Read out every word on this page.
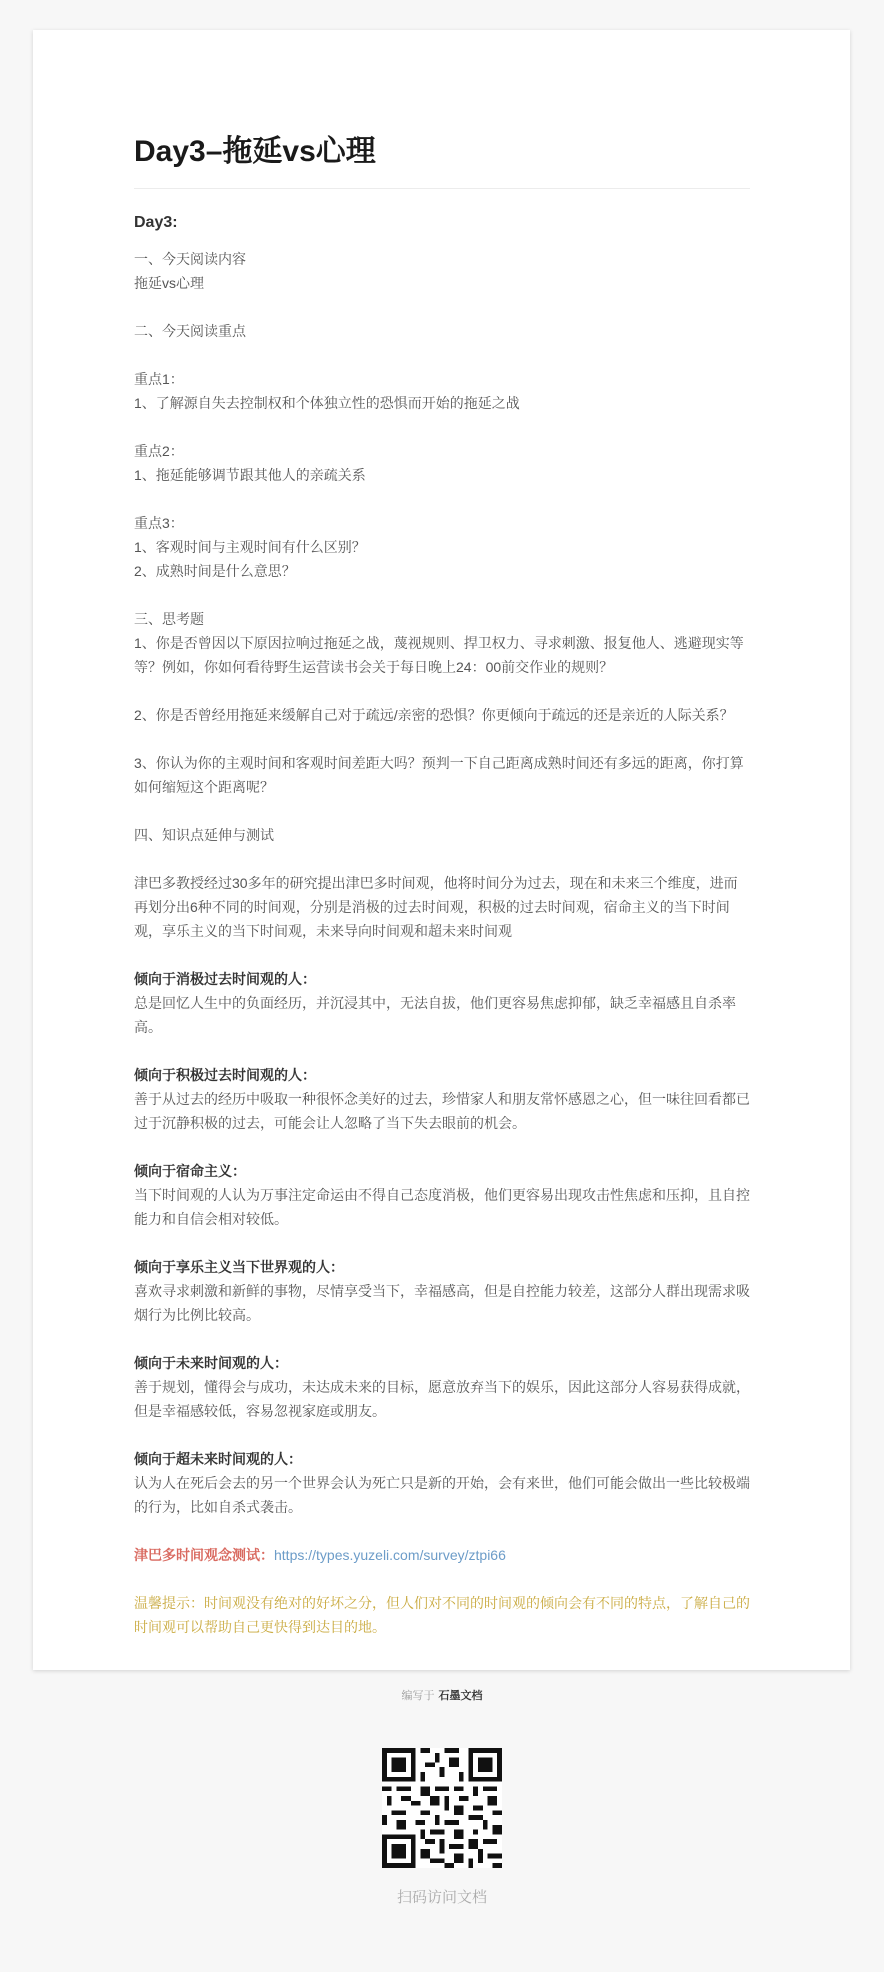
Day3–拖延vs心理
Day3:

一、今天阅读内容

拖延vs心理

二、今天阅读重点

重点1：

1、了解源自失去控制权和个体独立性的恐惧而开始的拖延之战

重点2：

1、拖延能够调节跟其他人的亲疏关系

重点3：

1、客观时间与主观时间有什么区别？

2、成熟时间是什么意思？

三、思考题

1、你是否曾因以下原因拉响过拖延之战，蔑视规则、捍卫权力、寻求刺激、报复他人、逃避现实等等？例如，你如何看待野生运营读书会关于每日晚上24：00前交作业的规则？

2、你是否曾经用拖延来缓解自己对于疏远/亲密的恐惧？你更倾向于疏远的还是亲近的人际关系？

3、你认为你的主观时间和客观时间差距大吗？预判一下自己距离成熟时间还有多远的距离，你打算如何缩短这个距离呢？

四、知识点延伸与测试

津巴多教授经过30多年的研究提出津巴多时间观，他将时间分为过去，现在和未来三个维度，进而再划分出6种不同的时间观，分别是消极的过去时间观，积极的过去时间观，宿命主义的当下时间观，享乐主义的当下时间观，未来导向时间观和超未来时间观

倾向于消极过去时间观的人：

总是回忆人生中的负面经历，并沉浸其中，无法自拔，他们更容易焦虑抑郁，缺乏幸福感且自杀率高。

倾向于积极过去时间观的人：

善于从过去的经历中吸取一种很怀念美好的过去，珍惜家人和朋友常怀感恩之心，但一味往回看都已过于沉静积极的过去，可能会让人忽略了当下失去眼前的机会。

倾向于宿命主义：

当下时间观的人认为万事注定命运由不得自己态度消极，他们更容易出现攻击性焦虑和压抑，且自控能力和自信会相对较低。

倾向于享乐主义当下世界观的人：

喜欢寻求刺激和新鲜的事物，尽情享受当下，幸福感高，但是自控能力较差，这部分人群出现需求吸烟行为比例比较高。

倾向于未来时间观的人：

善于规划，懂得会与成功，未达成未来的目标，愿意放弃当下的娱乐，因此这部分人容易获得成就，但是幸福感较低，容易忽视家庭或朋友。

倾向于超未来时间观的人：

认为人在死后会去的另一个世界会认为死亡只是新的开始，会有来世，他们可能会做出一些比较极端的行为，比如自杀式袭击。

津巴多时间观念测试：https://types.yuzeli.com/survey/ztpi66

温馨提示：时间观没有绝对的好坏之分，但人们对不同的时间观的倾向会有不同的特点，了解自己的时间观可以帮助自己更快得到达目的地。

编写于 石墨文档
扫码访问文档
